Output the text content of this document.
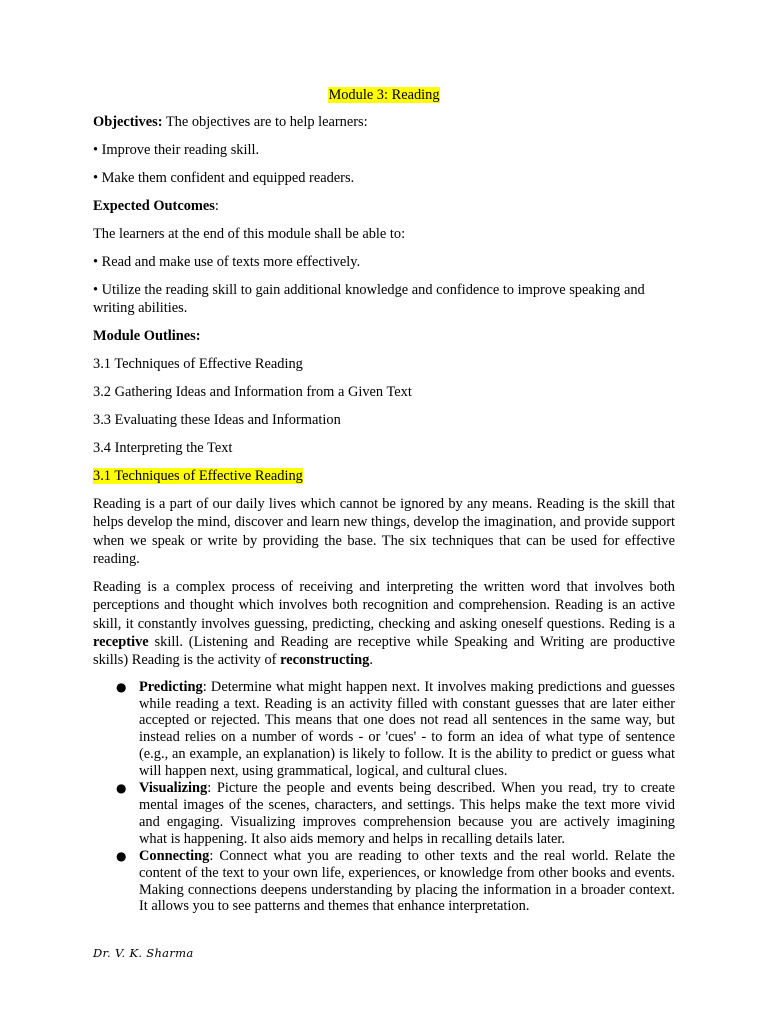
Module 3: Reading

Objectives: The objectives are to help learners:

• Improve their reading skill.

• Make them confident and equipped readers.

Expected Outcomes:

The learners at the end of this module shall be able to:

• Read and make use of texts more effectively.

• Utilize the reading skill to gain additional knowledge and confidence to improve speaking and writing abilities.

Module Outlines:

3.1 Techniques of Effective Reading

3.2 Gathering Ideas and Information from a Given Text

3.3 Evaluating these Ideas and Information

3.4 Interpreting the Text

3.1 Techniques of Effective Reading

Reading is a part of our daily lives which cannot be ignored by any means. Reading is the skill that helps develop the mind, discover and learn new things, develop the imagination, and provide support when we speak or write by providing the base. The six techniques that can be used for effective reading.

Reading is a complex process of receiving and interpreting the written word that involves both perceptions and thought which involves both recognition and comprehension. Reading is an active skill, it constantly involves guessing, predicting, checking and asking oneself questions. Reding is a receptive skill. (Listening and Reading are receptive while Speaking and Writing are productive skills) Reading is the activity of reconstructing.

● Predicting: Determine what might happen next. It involves making predictions and guesses while reading a text. Reading is an activity filled with constant guesses that are later either accepted or rejected. This means that one does not read all sentences in the same way, but instead relies on a number of words - or 'cues' - to form an idea of what type of sentence (e.g., an example, an explanation) is likely to follow. It is the ability to predict or guess what will happen next, using grammatical, logical, and cultural clues.
● Visualizing: Picture the people and events being described. When you read, try to create mental images of the scenes, characters, and settings. This helps make the text more vivid and engaging. Visualizing improves comprehension because you are actively imagining what is happening. It also aids memory and helps in recalling details later.
● Connecting: Connect what you are reading to other texts and the real world. Relate the content of the text to your own life, experiences, or knowledge from other books and events. Making connections deepens understanding by placing the information in a broader context. It allows you to see patterns and themes that enhance interpretation.
Dr. V. K. Sharma
